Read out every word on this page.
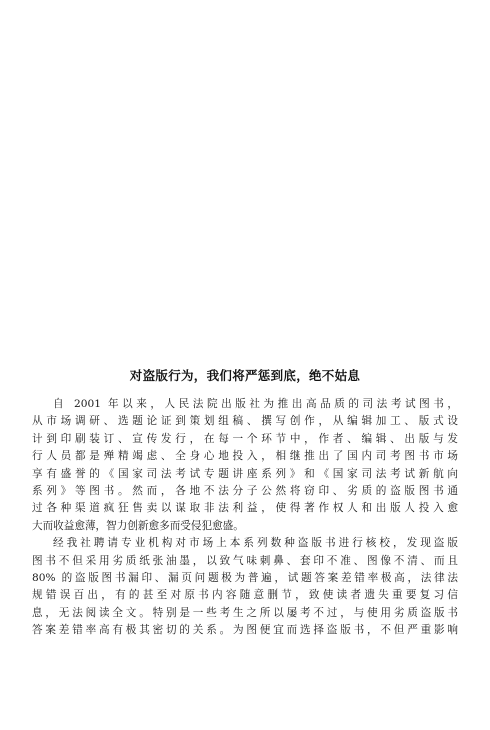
对盗版行为，我们将严惩到底，绝不姑息
自 2001 年以来，人民法院出版社为推出高品质的司法考试图书，
从市场调研、选题论证到策划组稿、撰写创作，从编辑加工、版式设
计到印刷装订、宣传发行，在每一个环节中，作者、编辑、出版与发
行人员都是殚精竭虑、全身心地投入，相继推出了国内司考图书市场
享有盛誉的《国家司法考试专题讲座系列》和《国家司法考试新航向
系列》等图书。然而，各地不法分子公然将窃印、劣质的盗版图书通
过各种渠道疯狂售卖以谋取非法利益，使得著作权人和出版人投入愈
大而收益愈薄，智力创新愈多而受侵犯愈盛。
经我社聘请专业机构对市场上本系列数种盗版书进行核校，发现盗版
图书不但采用劣质纸张油墨，以致气味刺鼻、套印不准、图像不清、而且
80% 的盗版图书漏印、漏页问题极为普遍，试题答案差错率极高，法律法
规错误百出，有的甚至对原书内容随意删节，致使读者遗失重要复习信
息，无法阅读全文。特别是一些考生之所以屡考不过，与使用劣质盗版书
答案差错率高有极其密切的关系。为图便宜而选择盗版书，不但严重影响
